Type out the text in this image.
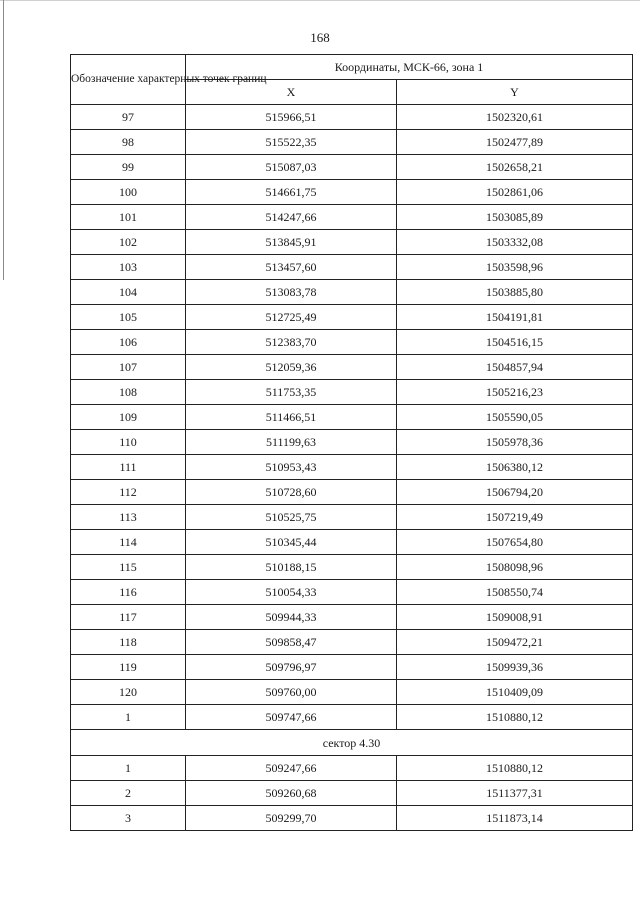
168
Обозначение характерных точек границ	Координаты, МСК-66, зона 1	
	X	Y
97	515966,51	1502320,61
98	515522,35	1502477,89
99	515087,03	1502658,21
100	514661,75	1502861,06
101	514247,66	1503085,89
102	513845,91	1503332,08
103	513457,60	1503598,96
104	513083,78	1503885,80
105	512725,49	1504191,81
106	512383,70	1504516,15
107	512059,36	1504857,94
108	511753,35	1505216,23
109	511466,51	1505590,05
110	511199,63	1505978,36
111	510953,43	1506380,12
112	510728,60	1506794,20
113	510525,75	1507219,49
114	510345,44	1507654,80
115	510188,15	1508098,96
116	510054,33	1508550,74
117	509944,33	1509008,91
118	509858,47	1509472,21
119	509796,97	1509939,36
120	509760,00	1510409,09
1	509747,66	1510880,12
сектор 4.30		
1	509247,66	1510880,12
2	509260,68	1511377,31
3	509299,70	1511873,14
